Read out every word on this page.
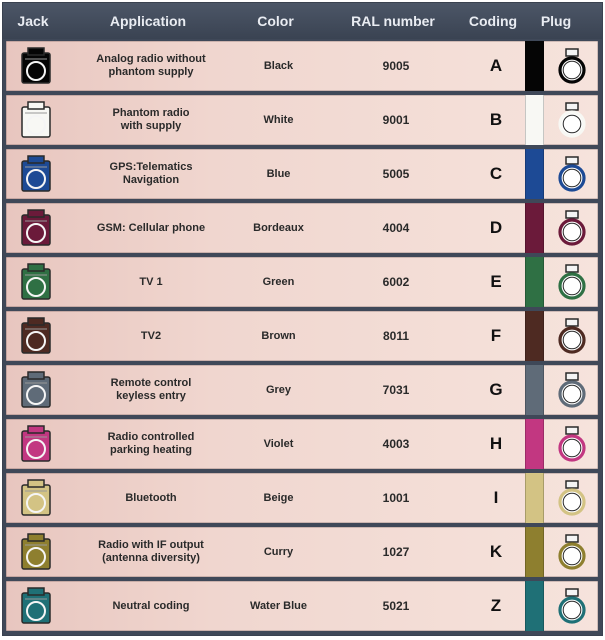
Jack	Application	Color	RAL number	Coding	Plug
Analog radio without
phantom supply	Black	9005	A
Phantom radio
with supply	White	9001	B
GPS:Telematics
Navigation	Blue	5005	C
GSM: Cellular phone	Bordeaux	4004	D
TV 1	Green	6002	E
TV2	Brown	8011	F
Remote control
keyless entry	Grey	7031	G
Radio controlled
parking heating	Violet	4003	H
Bluetooth	Beige	1001	I
Radio with IF output
(antenna diversity)	Curry	1027	K
Neutral coding	Water Blue	5021	Z
